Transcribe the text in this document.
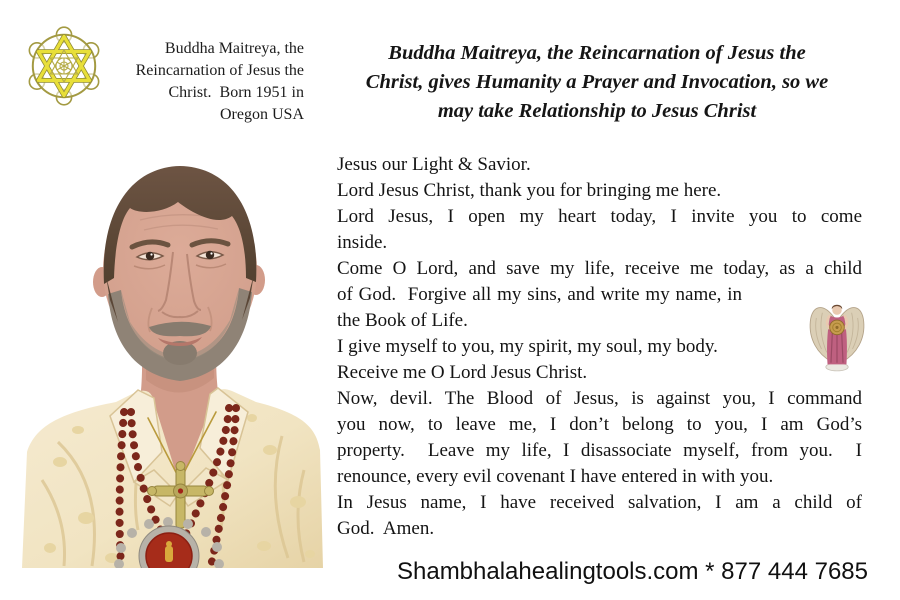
Buddha Maitreya, the
Reincarnation of Jesus the
Christ.  Born 1951 in
Oregon USA
Buddha Maitreya, the Reincarnation of Jesus the
Christ, gives Humanity a Prayer and Invocation, so we
may take Relationship to Jesus Christ
Jesus our Light & Savior.
Lord Jesus Christ, thank you for bringing me here.
Lord Jesus, I open my heart today, I invite you to come
inside.
Come O Lord, and save my life, receive me today, as a child
of God.  Forgive all my sins, and write my name, in
the Book of Life.
I give myself to you, my spirit, my soul, my body.
Receive me O Lord Jesus Christ.
Now, devil. The Blood of Jesus, is against you, I command
you now, to leave me, I don’t belong to you, I am God’s
property.  Leave my life, I disassociate myself, from you.  I
renounce, every evil covenant I have entered in with you.
In Jesus name, I have received salvation, I am a child of
God.  Amen.
Shambhalahealingtools.com * 877 444 7685
